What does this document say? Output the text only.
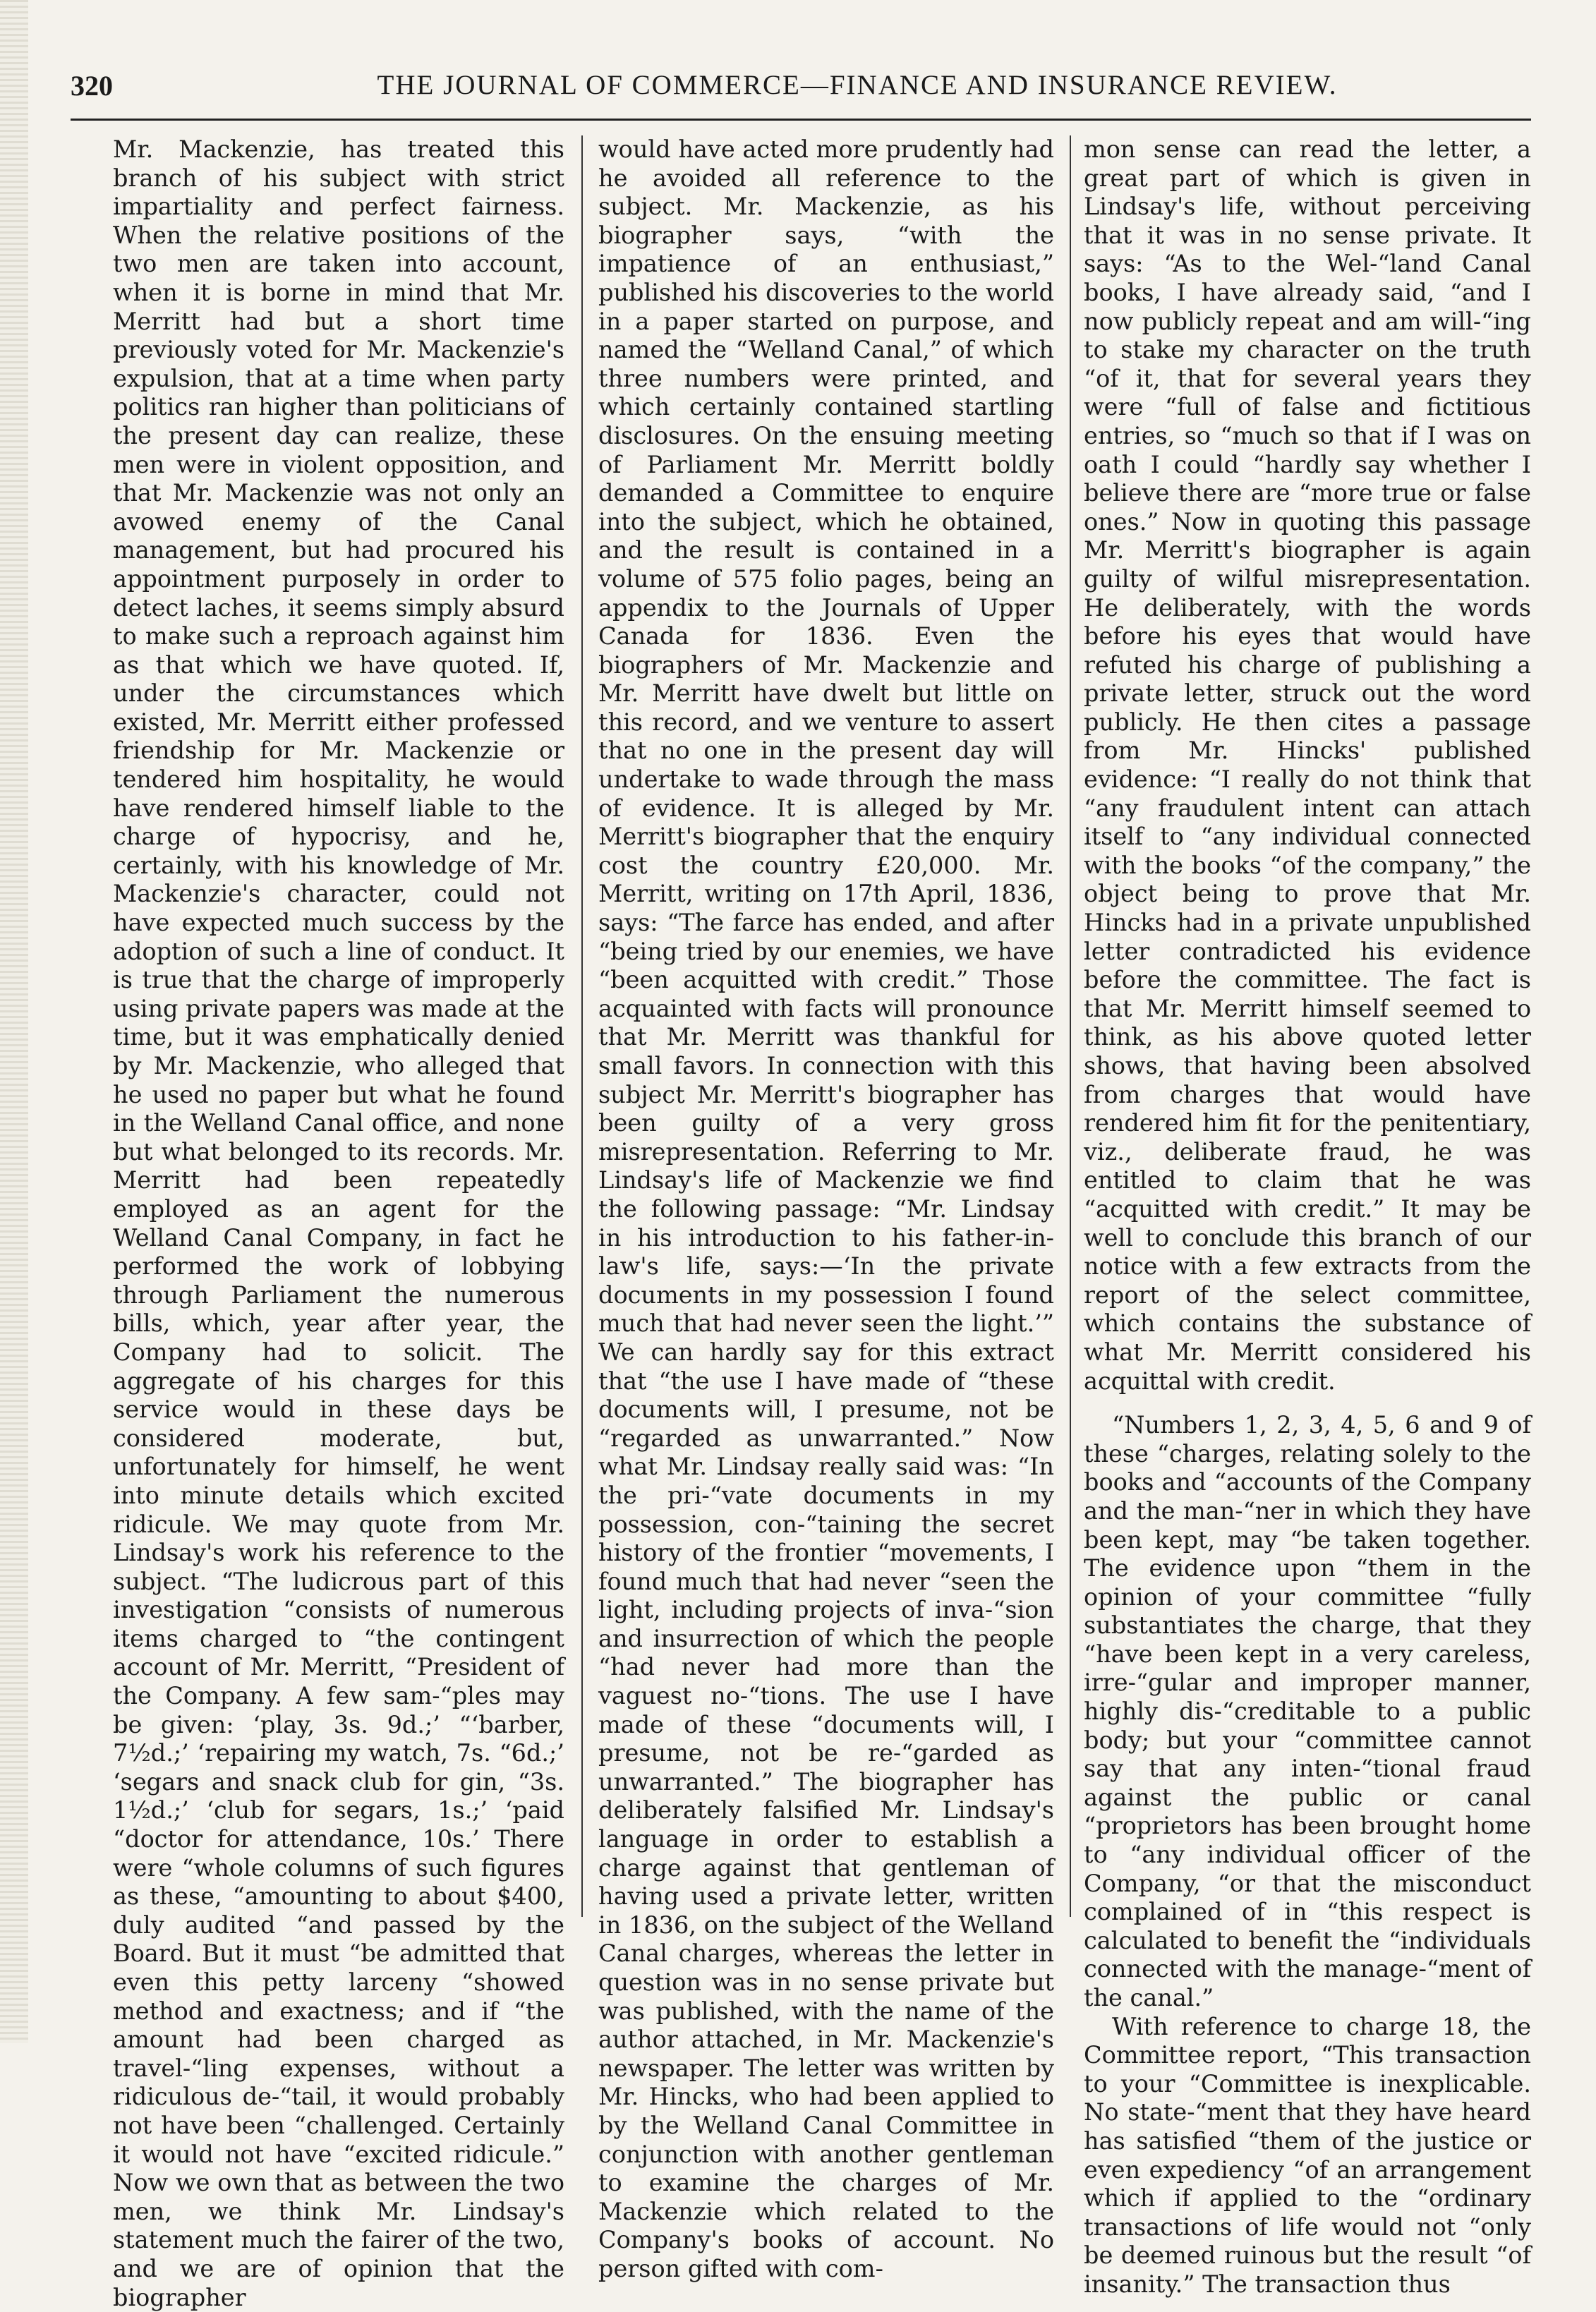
320	THE JOURNAL OF COMMERCE—FINANCE AND INSURANCE REVIEW.

Mr. Mackenzie, has treated this branch of his subject with strict impartiality and perfect fairness. When the relative positions of the two men are taken into account, when it is borne in mind that Mr. Merritt had but a short time previously voted for Mr. Mackenzie's expulsion, that at a time when party politics ran higher than politicians of the present day can realize, these men were in violent opposition, and that Mr. Mackenzie was not only an avowed enemy of the Canal management, but had procured his appointment purposely in order to detect laches, it seems simply absurd to make such a reproach against him as that which we have quoted. If, under the circumstances which existed, Mr. Merritt either professed friendship for Mr. Mackenzie or tendered him hospitality, he would have rendered himself liable to the charge of hypocrisy, and he, certainly, with his knowledge of Mr. Mackenzie's character, could not have expected much success by the adoption of such a line of conduct. It is true that the charge of improperly using private papers was made at the time, but it was emphatically denied by Mr. Mackenzie, who alleged that he used no paper but what he found in the Welland Canal office, and none but what belonged to its records. Mr. Merritt had been repeatedly employed as an agent for the Welland Canal Company, in fact he performed the work of lobbying through Parliament the numerous bills, which, year after year, the Company had to solicit. The aggregate of his charges for this service would in these days be considered moderate, but, unfortunately for himself, he went into minute details which excited ridicule. We may quote from Mr. Lindsay's work his reference to the subject. “The ludicrous part of this investigation “consists of numerous items charged to “the contingent account of Mr. Merritt, “President of the Company. A few sam-“ples may be given: ‘play, 3s. 9d.;’ “‘barber, 7½d.;’ ‘repairing my watch, 7s. “6d.;’ ‘segars and snack club for gin, “3s. 1½d.;’ ‘club for segars, 1s.;’ ‘paid “doctor for attendance, 10s.’ There were “whole columns of such figures as these, “amounting to about $400, duly audited “and passed by the Board. But it must “be admitted that even this petty larceny “showed method and exactness; and if “the amount had been charged as travel-“ling expenses, without a ridiculous de-“tail, it would probably not have been “challenged. Certainly it would not have “excited ridicule.” Now we own that as between the two men, we think Mr. Lindsay's statement much the fairer of the two, and we are of opinion that the biographer

would have acted more prudently had he avoided all reference to the subject. Mr. Mackenzie, as his biographer says, “with the impatience of an enthusiast,” published his discoveries to the world in a paper started on purpose, and named the “Welland Canal,” of which three numbers were printed, and which certainly contained startling disclosures. On the ensuing meeting of Parliament Mr. Merritt boldly demanded a Committee to enquire into the subject, which he obtained, and the result is contained in a volume of 575 folio pages, being an appendix to the Journals of Upper Canada for 1836. Even the biographers of Mr. Mackenzie and Mr. Merritt have dwelt but little on this record, and we venture to assert that no one in the present day will undertake to wade through the mass of evidence. It is alleged by Mr. Merritt's biographer that the enquiry cost the country £20,000. Mr. Merritt, writing on 17th April, 1836, says: “The farce has ended, and after “being tried by our enemies, we have “been acquitted with credit.” Those acquainted with facts will pronounce that Mr. Merritt was thankful for small favors. In connection with this subject Mr. Merritt's biographer has been guilty of a very gross misrepresentation. Referring to Mr. Lindsay's life of Mackenzie we find the following passage: “Mr. Lindsay in his introduction to his father-in-law's life, says:—‘In the private documents in my possession I found much that had never seen the light.’” We can hardly say for this extract that “the use I have made of “these documents will, I presume, not be “regarded as unwarranted.” Now what Mr. Lindsay really said was: “In the pri-“vate documents in my possession, con-“taining the secret history of the frontier “movements, I found much that had never “seen the light, including projects of inva-“sion and insurrection of which the people “had never had more than the vaguest no-“tions. The use I have made of these “documents will, I presume, not be re-“garded as unwarranted.” The biographer has deliberately falsified Mr. Lindsay's language in order to establish a charge against that gentleman of having used a private letter, written in 1836, on the subject of the Welland Canal charges, whereas the letter in question was in no sense private but was published, with the name of the author attached, in Mr. Mackenzie's newspaper. The letter was written by Mr. Hincks, who had been applied to by the Welland Canal Committee in conjunction with another gentleman to examine the charges of Mr. Mackenzie which related to the Company's books of account. No person gifted with com-

mon sense can read the letter, a great part of which is given in Lindsay's life, without perceiving that it was in no sense private. It says: “As to the Wel-“land Canal books, I have already said, “and I now publicly repeat and am will-“ing to stake my character on the truth “of it, that for several years they were “full of false and fictitious entries, so “much so that if I was on oath I could “hardly say whether I believe there are “more true or false ones.” Now in quoting this passage Mr. Merritt's biographer is again guilty of wilful misrepresentation. He deliberately, with the words before his eyes that would have refuted his charge of publishing a private letter, struck out the word publicly. He then cites a passage from Mr. Hincks' published evidence: “I really do not think that “any fraudulent intent can attach itself to “any individual connected with the books “of the company,” the object being to prove that Mr. Hincks had in a private unpublished letter contradicted his evidence before the committee. The fact is that Mr. Merritt himself seemed to think, as his above quoted letter shows, that having been absolved from charges that would have rendered him fit for the penitentiary, viz., deliberate fraud, he was entitled to claim that he was “acquitted with credit.” It may be well to conclude this branch of our notice with a few extracts from the report of the select committee, which contains the substance of what Mr. Merritt considered his acquittal with credit.

“Numbers 1, 2, 3, 4, 5, 6 and 9 of these “charges, relating solely to the books and “accounts of the Company and the man-“ner in which they have been kept, may “be taken together. The evidence upon “them in the opinion of your committee “fully substantiates the charge, that they “have been kept in a very careless, irre-“gular and improper manner, highly dis-“creditable to a public body; but your “committee cannot say that any inten-“tional fraud against the public or canal “proprietors has been brought home to “any individual officer of the Company, “or that the misconduct complained of in “this respect is calculated to benefit the “individuals connected with the manage-“ment of the canal.”

With reference to charge 18, the Committee report, “This transaction to your “Committee is inexplicable. No state-“ment that they have heard has satisfied “them of the justice or even expediency “of an arrangement which if applied to the “ordinary transactions of life would not “only be deemed ruinous but the result “of insanity.” The transaction thus
